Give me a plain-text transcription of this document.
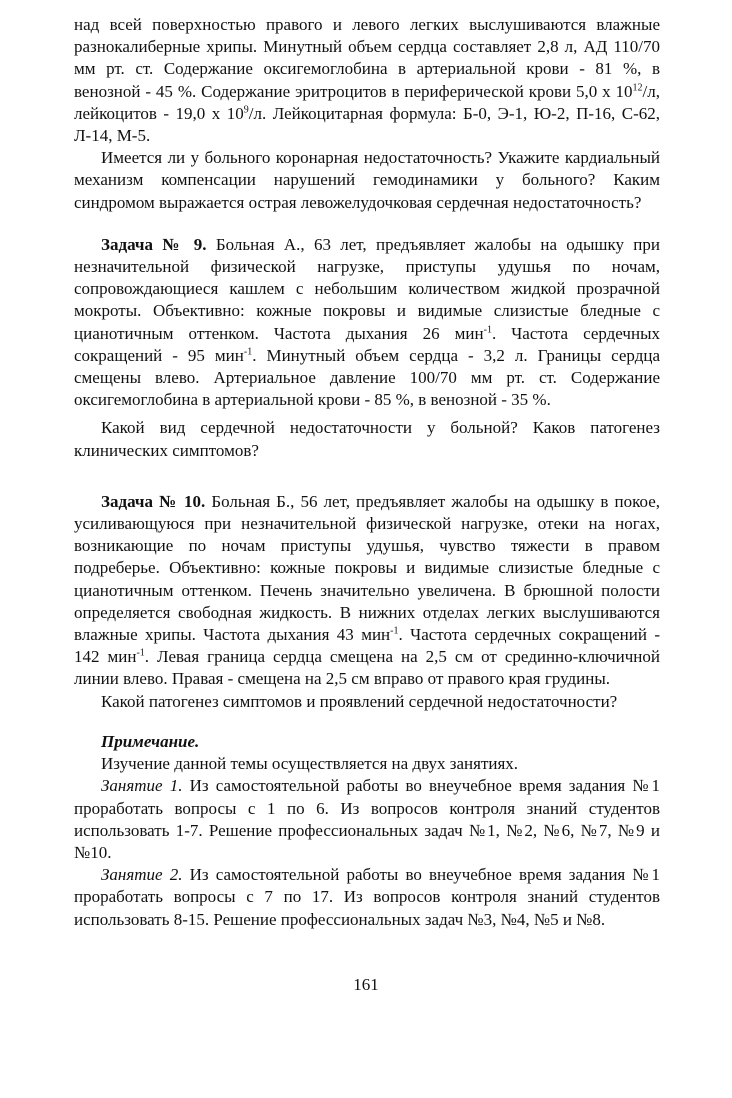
над всей поверхностью правого и левого легких выслушиваются влажные разнокалиберные хрипы. Минутный объем сердца составляет 2,8 л, АД 110/70 мм рт. ст. Содержание оксигемоглобина в артериальной крови - 81 %, в венозной - 45 %. Содержание эритроцитов в периферической крови 5,0 х $10^{12}/л$, лейкоцитов - 19,0 х $10^9/л$. Лейкоцитарная формула: Б-0, Э-1, Ю-2, П-16, С-62, Л-14, М-5.

Имеется ли у больного коронарная недостаточность? Укажите кардиальный механизм компенсации нарушений гемодинамики у больного? Каким синдромом выражается острая левожелудочковая сердечная недостаточность?

Задача № 9. Больная А., 63 лет, предъявляет жалобы на одышку при незначительной физической нагрузке, приступы удушья по ночам, сопровождающиеся кашлем с небольшим количеством жидкой прозрачной мокроты. Объективно: кожные покровы и видимые слизистые бледные с цианотичным оттенком. Частота дыхания 26 мин$^{-1}$. Частота сердечных сокращений - 95 мин$^{-1}$. Минутный объем сердца - 3,2 л. Границы сердца смещены влево. Артериальное давление 100/70 мм рт. ст. Содержание оксигемоглобина в артериальной крови - 85 %, в венозной - 35 %.

Какой вид сердечной недостаточности у больной? Каков патогенез клинических симптомов?

Задача № 10. Больная Б., 56 лет, предъявляет жалобы на одышку в покое, усиливающуюся при незначительной физической нагрузке, отеки на ногах, возникающие по ночам приступы удушья, чувство тяжести в правом подреберье. Объективно: кожные покровы и видимые слизистые бледные с цианотичным оттенком. Печень значительно увеличена. В брюшной полости определяется свободная жидкость. В нижних отделах легких выслушиваются влажные хрипы. Частота дыхания 43 мин$^{-1}$. Частота сердечных сокращений - 142 мин$^{-1}$. Левая граница сердца смещена на 2,5 см от срединно-ключичной линии влево. Правая - смещена на 2,5 см вправо от правого края грудины.

Какой патогенез симптомов и проявлений сердечной недостаточности?

Примечание.

Изучение данной темы осуществляется на двух занятиях.

Занятие 1. Из самостоятельной работы во внеучебное время задания №1 проработать вопросы с 1 по 6. Из вопросов контроля знаний студентов использовать 1-7. Решение профессиональных задач №1, №2, №6, №7, №9 и №10.

Занятие 2. Из самостоятельной работы во внеучебное время задания №1 проработать вопросы с 7 по 17. Из вопросов контроля знаний студентов использовать 8-15. Решение профессиональных задач №3, №4, №5 и №8.

161
